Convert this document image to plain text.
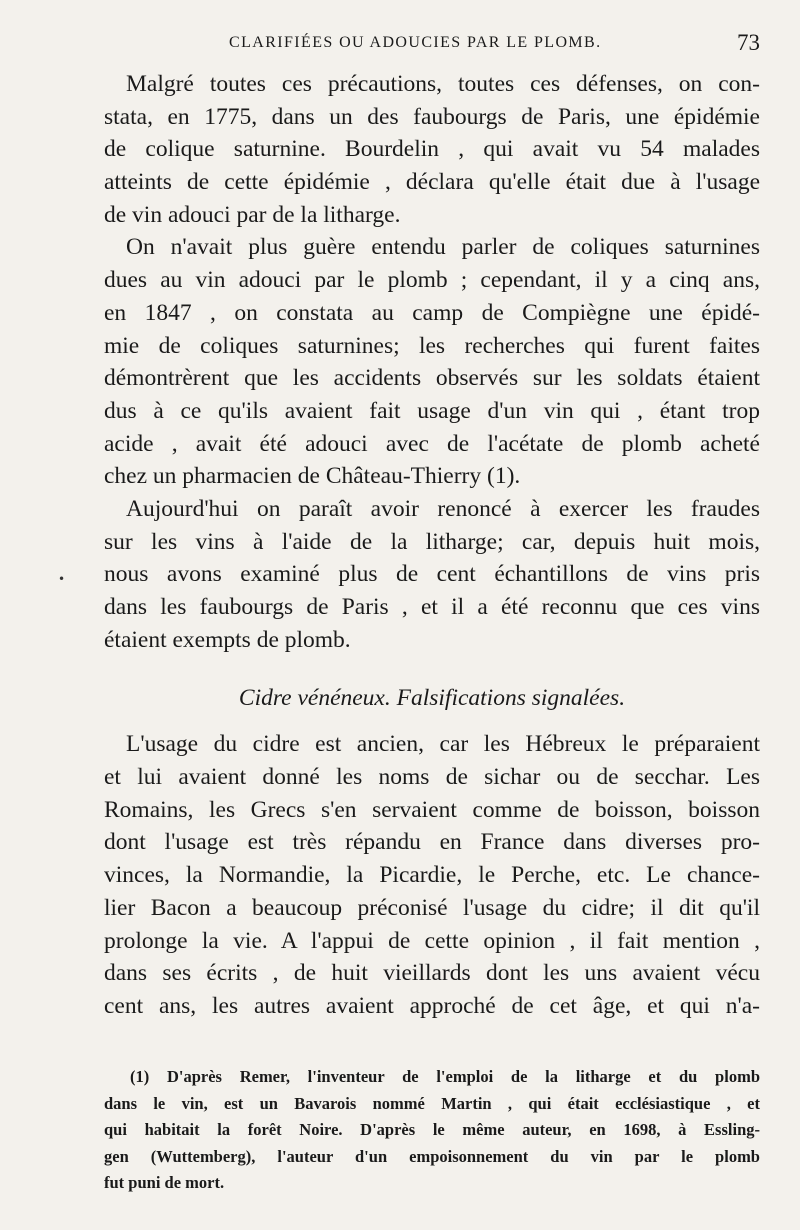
CLARIFIÉES OU ADOUCIES PAR LE PLOMB.	73
•
Malgré toutes ces précautions, toutes ces défenses, on con-
stata, en 1775, dans un des faubourgs de Paris, une épidémie
de colique saturnine. Bourdelin , qui avait vu 54 malades
atteints de cette épidémie , déclara qu'elle était due à l'usage
de vin adouci par de la litharge.
On n'avait plus guère entendu parler de coliques saturnines
dues au vin adouci par le plomb ; cependant, il y a cinq ans,
en 1847 , on constata au camp de Compiègne une épidé-
mie de coliques saturnines; les recherches qui furent faites
démontrèrent que les accidents observés sur les soldats étaient
dus à ce qu'ils avaient fait usage d'un vin qui , étant trop
acide , avait été adouci avec de l'acétate de plomb acheté
chez un pharmacien de Château-Thierry (1).
Aujourd'hui on paraît avoir renoncé à exercer les fraudes
sur les vins à l'aide de la litharge; car, depuis huit mois,
nous avons examiné plus de cent échantillons de vins pris
dans les faubourgs de Paris , et il a été reconnu que ces vins
étaient exempts de plomb.
Cidre vénéneux. Falsifications signalées.
L'usage du cidre est ancien, car les Hébreux le préparaient
et lui avaient donné les noms de sichar ou de secchar. Les
Romains, les Grecs s'en servaient comme de boisson, boisson
dont l'usage est très répandu en France dans diverses pro-
vinces, la Normandie, la Picardie, le Perche, etc. Le chance-
lier Bacon a beaucoup préconisé l'usage du cidre; il dit qu'il
prolonge la vie. A l'appui de cette opinion , il fait mention ,
dans ses écrits , de huit vieillards dont les uns avaient vécu
cent ans, les autres avaient approché de cet âge, et qui n'a-
(1) D'après Remer, l'inventeur de l'emploi de la litharge et du plomb
dans le vin, est un Bavarois nommé Martin , qui était ecclésiastique , et
qui habitait la forêt Noire. D'après le même auteur, en 1698, à Essling-
gen (Wuttemberg), l'auteur d'un empoisonnement du vin par le plomb
fut puni de mort.
